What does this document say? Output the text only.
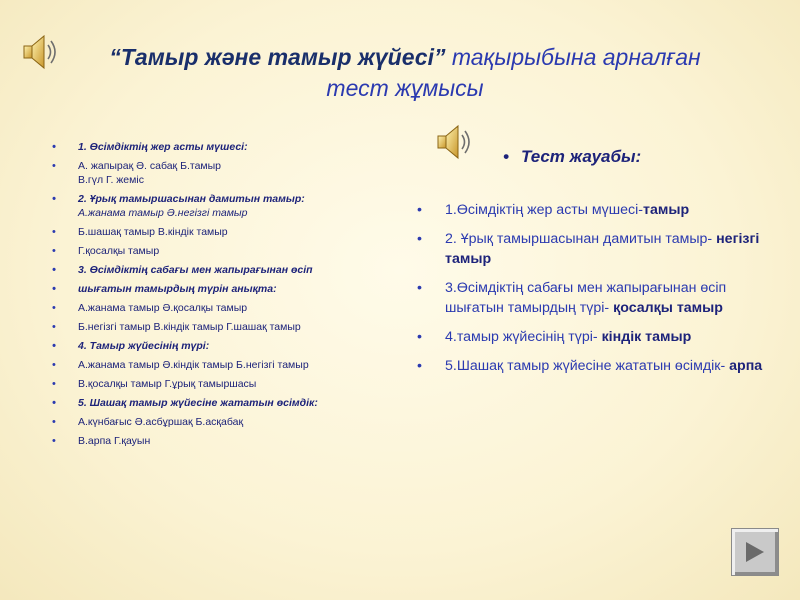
“Тамыр және тамыр жүйесі” тақырыбына арналған
тест жұмысы
• 1. Өсімдіктің жер асты мүшесі:
• А. жапырақ Ә. сабақ Б.тамыр
В.гүл Г. жеміс
• 2. Ұрық тамыршасынан дамитын тамыр:
А.жанама тамыр Ә.негізгі тамыр
• Б.шашақ тамыр В.кіндік тамыр
• Г.қосалқы тамыр
• 3. Өсімдіктің сабағы мен жапырағынан өсіп
• шығатын тамырдың түрін анықта:
• А.жанама тамыр Ә.қосалқы тамыр
• Б.негізгі тамыр В.кіндік тамыр Г.шашақ тамыр
• 4. Тамыр жүйесінің түрі:
• А.жанама тамыр Ә.кіндік тамыр Б.негізгі тамыр
• В.қосалқы тамыр Г.ұрық тамыршасы
• 5. Шашақ тамыр жүйесіне жататын өсімдік:
• А.күнбағыс Ә.асбұршақ Б.асқабақ
• В.арпа Г.қауын
• Тест жауабы:
• 1.Өсімдіктің жер асты мүшесі-тамыр
• 2. Ұрық тамыршасынан дамитын тамыр- негізгі тамыр
• 3.Өсімдіктің сабағы мен жапырағынан өсіп шығатын тамырдың түрі- қосалқы тамыр
• 4.тамыр жүйесінің түрі- кіндік тамыр
• 5.Шашақ тамыр жүйесіне жататын өсімдік- арпа
